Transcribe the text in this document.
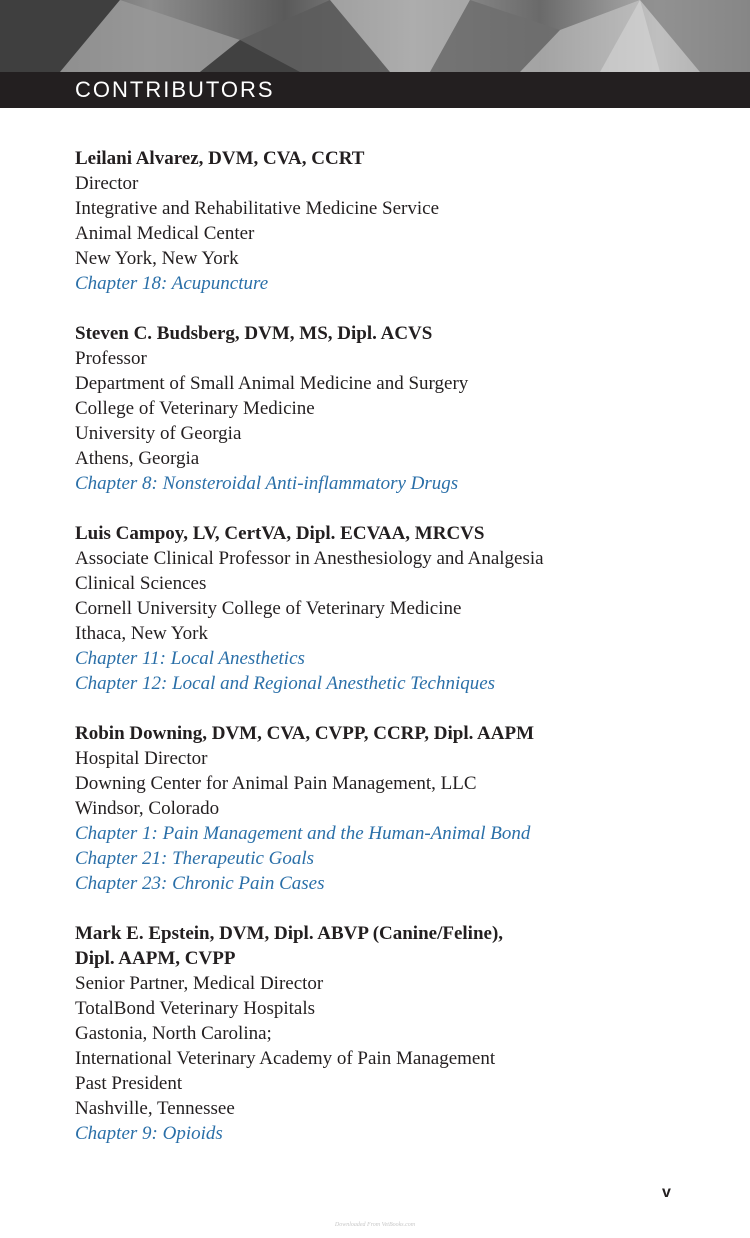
CONTRIBUTORS
Leilani Alvarez, DVM, CVA, CCRT
Director
Integrative and Rehabilitative Medicine Service
Animal Medical Center
New York, New York
Chapter 18: Acupuncture
Steven C. Budsberg, DVM, MS, Dipl. ACVS
Professor
Department of Small Animal Medicine and Surgery
College of Veterinary Medicine
University of Georgia
Athens, Georgia
Chapter 8: Nonsteroidal Anti-inflammatory Drugs
Luis Campoy, LV, CertVA, Dipl. ECVAA, MRCVS
Associate Clinical Professor in Anesthesiology and Analgesia
Clinical Sciences
Cornell University College of Veterinary Medicine
Ithaca, New York
Chapter 11: Local Anesthetics
Chapter 12: Local and Regional Anesthetic Techniques
Robin Downing, DVM, CVA, CVPP, CCRP, Dipl. AAPM
Hospital Director
Downing Center for Animal Pain Management, LLC
Windsor, Colorado
Chapter 1: Pain Management and the Human-Animal Bond
Chapter 21: Therapeutic Goals
Chapter 23: Chronic Pain Cases
Mark E. Epstein, DVM, Dipl. ABVP (Canine/Feline),
Dipl. AAPM, CVPP
Senior Partner, Medical Director
TotalBond Veterinary Hospitals
Gastonia, North Carolina;
International Veterinary Academy of Pain Management
Past President
Nashville, Tennessee
Chapter 9: Opioids
v
Downloaded From VetBooks.com
